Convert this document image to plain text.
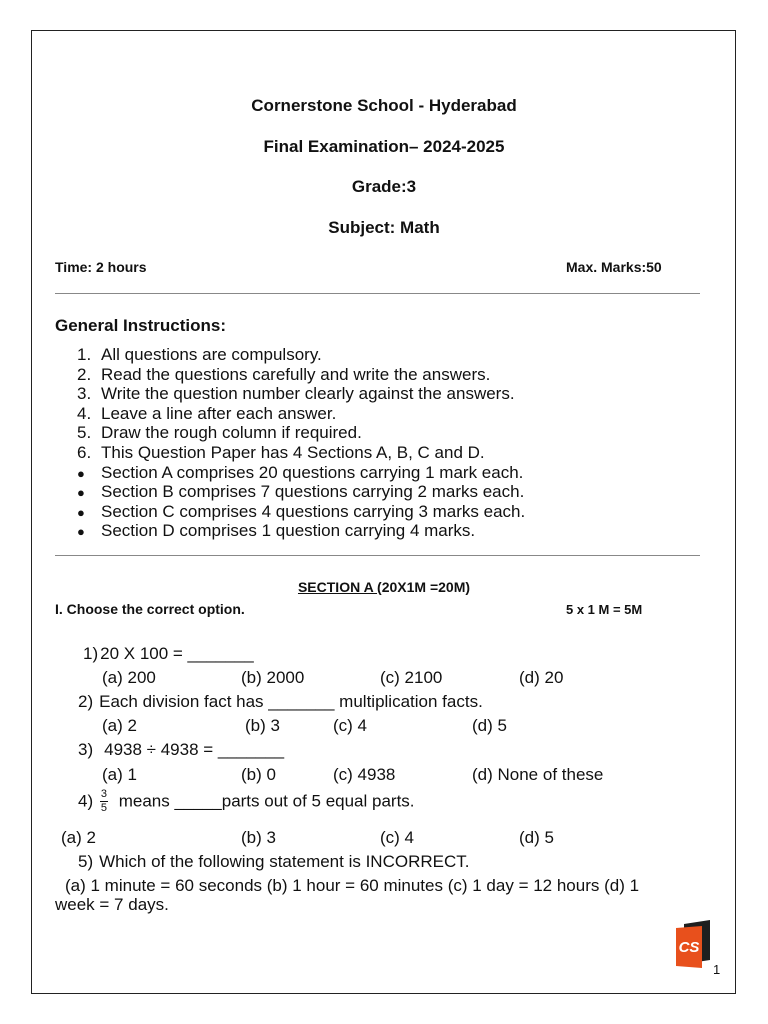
Cornerstone School - Hyderabad
Final Examination– 2024-2025
Grade:3
Subject: Math
Time: 2 hours	Max. Marks:50
General Instructions:
1. All questions are compulsory.
2. Read the questions carefully and write the answers.
3. Write the question number clearly against the answers.
4. Leave a line after each answer.
5. Draw the rough column if required.
6. This Question Paper has 4 Sections A, B, C and D.
● Section A comprises 20 questions carrying 1 mark each.
● Section B comprises 7 questions carrying 2 marks each.
● Section C comprises 4 questions carrying 3 marks each.
● Section D comprises 1 question carrying 4 marks.
SECTION A (20X1M =20M)
I. Choose the correct option.	5 x 1 M = 5M
1) 20 X 100 = _______
(a) 200	(b) 2000	(c) 2100	(d) 20
2) Each division fact has _______ multiplication facts.
(a) 2	(b) 3	(c) 4	(d) 5
3) 4938 ÷ 4938 = _______
(a) 1	(b) 0	(c) 4938	(d) None of these
$4) \frac{3}{5}$ means _____parts out of 5 equal parts.
(a) 2	(b) 3	(c) 4	(d) 5
5) Which of the following statement is INCORRECT.
(a) 1 minute = 60 seconds (b) 1 hour = 60 minutes (c) 1 day = 12 hours (d) 1
week = 7 days.
CS
1
